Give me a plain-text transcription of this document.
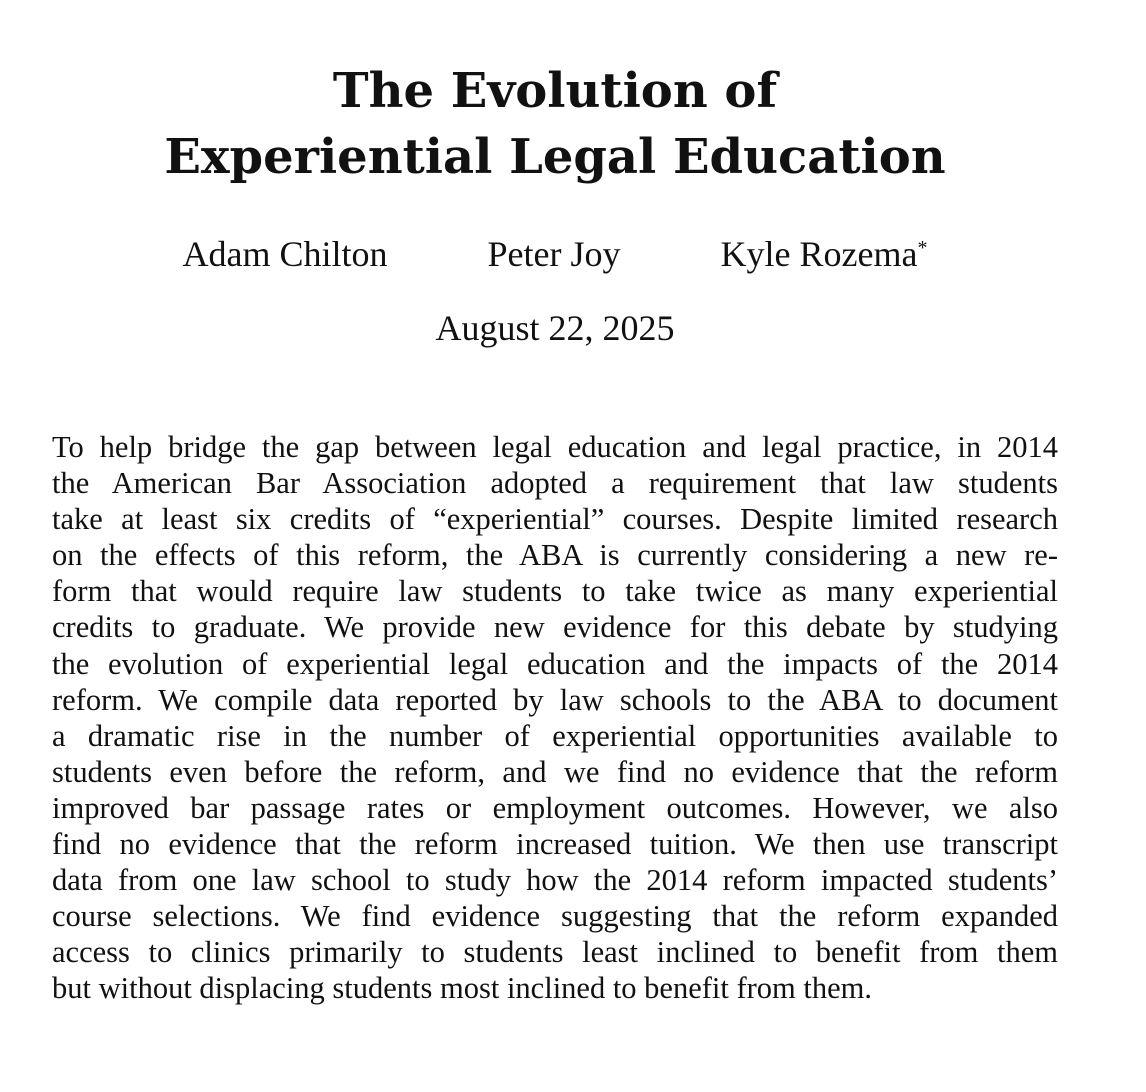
The Evolution of
Experiential Legal Education
Adam Chilton	Peter Joy	Kyle Rozema*
August 22, 2025
To help bridge the gap between legal education and legal practice, in 2014
the American Bar Association adopted a requirement that law students
take at least six credits of “experiential” courses. Despite limited research
on the effects of this reform, the ABA is currently considering a new re-
form that would require law students to take twice as many experiential
credits to graduate. We provide new evidence for this debate by studying
the evolution of experiential legal education and the impacts of the 2014
reform. We compile data reported by law schools to the ABA to document
a dramatic rise in the number of experiential opportunities available to
students even before the reform, and we find no evidence that the reform
improved bar passage rates or employment outcomes. However, we also
find no evidence that the reform increased tuition. We then use transcript
data from one law school to study how the 2014 reform impacted students’
course selections. We find evidence suggesting that the reform expanded
access to clinics primarily to students least inclined to benefit from them
but without displacing students most inclined to benefit from them.
